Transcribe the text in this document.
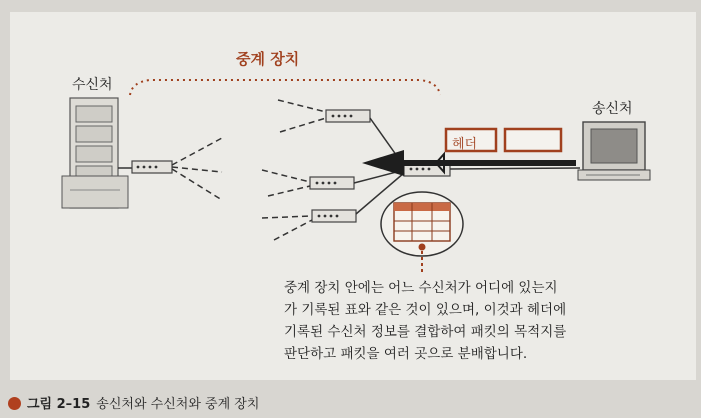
수신처
송신처
중계 장치
헤더
중계 장치 안에는 어느 수신처가 어디에 있는지
가 기록된 표와 같은 것이 있으며, 이것과 헤더에
기록된 수신처 정보를 결합하여 패킷의 목적지를
판단하고 패킷을 여러 곳으로 분배합니다.
그림 2–15 송신처와 수신처와 중계 장치
